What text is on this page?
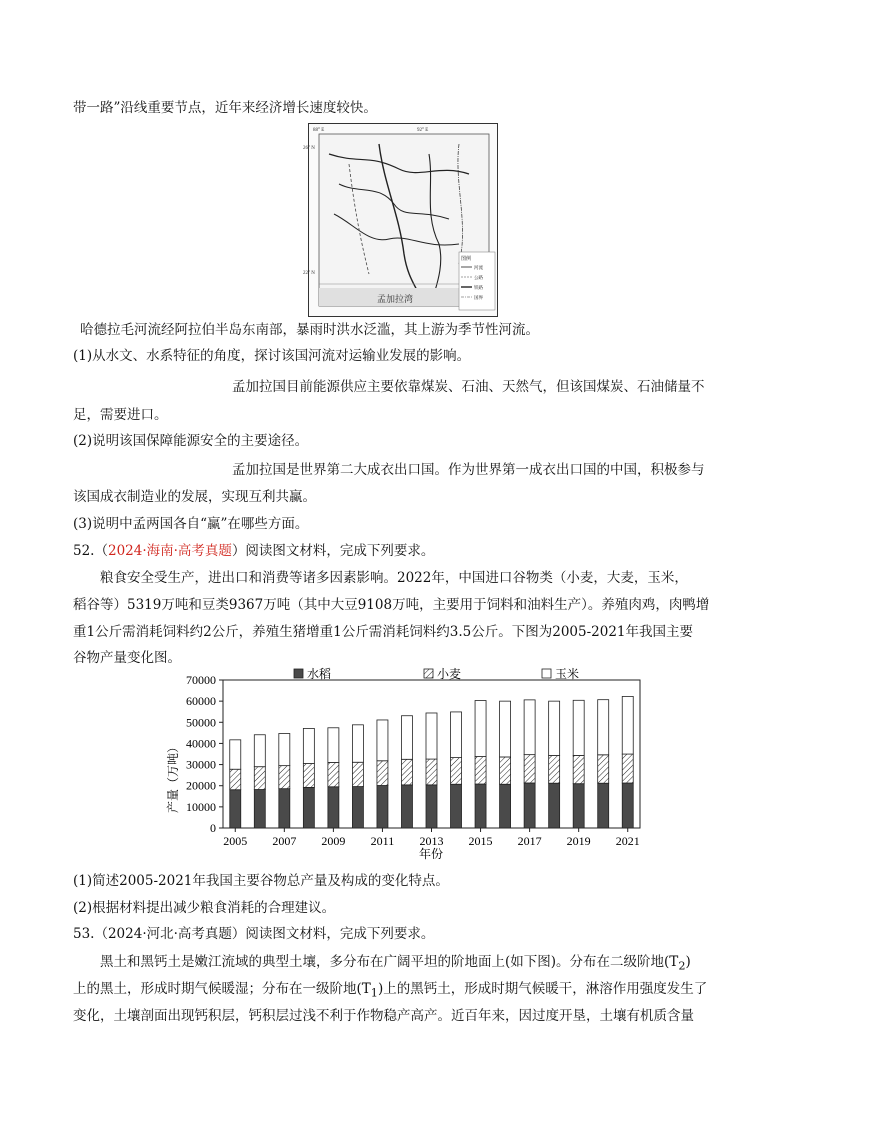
带一路”沿线重要节点，近年来经济增长速度较快。
孟加拉湾
26° N
22° N
88° E	92° E
图例
河流
公路
铁路
国界
哈德拉毛河流经阿拉伯半岛东南部，暴雨时洪水泛滥，其上游为季节性河流。
(1)从水文、水系特征的角度，探讨该国河流对运输业发展的影响。
孟加拉国目前能源供应主要依靠煤炭、石油、天然气，但该国煤炭、石油储量不
足，需要进口。
(2)说明该国保障能源安全的主要途径。
孟加拉国是世界第二大成衣出口国。作为世界第一成衣出口国的中国，积极参与
该国成衣制造业的发展，实现互利共赢。
(3)说明中孟两国各自“赢”在哪些方面。
52.（2024·海南·高考真题）阅读图文材料，完成下列要求。
粮食安全受生产，进出口和消费等诸多因素影响。2022年，中国进口谷物类（小麦，大麦，玉米，
稻谷等）5319万吨和豆类9367万吨（其中大豆9108万吨，主要用于饲料和油料生产）。养殖肉鸡，肉鸭增
重1公斤需消耗饲料约2公斤，养殖生猪增重1公斤需消耗饲料约3.5公斤。下图为2005-2021年我国主要
谷物产量变化图。
0
10000
20000
30000
40000
50000
60000
70000
2005 2007 2009 2011 2013 2015 2017 2019 2021
水稻	小麦	玉米
产量（万吨）
年份
(1)简述2005-2021年我国主要谷物总产量及构成的变化特点。
(2)根据材料提出减少粮食消耗的合理建议。
53.（2024·河北·高考真题）阅读图文材料，完成下列要求。
黑土和黑钙土是嫩江流域的典型土壤，多分布在广阔平坦的阶地面上(如下图)。分布在二级阶地$(T_2)$
上的黑土，形成时期气候暖湿；分布在一级阶地$(T_1)$上的黑钙土，形成时期气候暖干，淋溶作用强度发生了
变化，土壤剖面出现钙积层，钙积层过浅不利于作物稳产高产。近百年来，因过度开垦，土壤有机质含量
